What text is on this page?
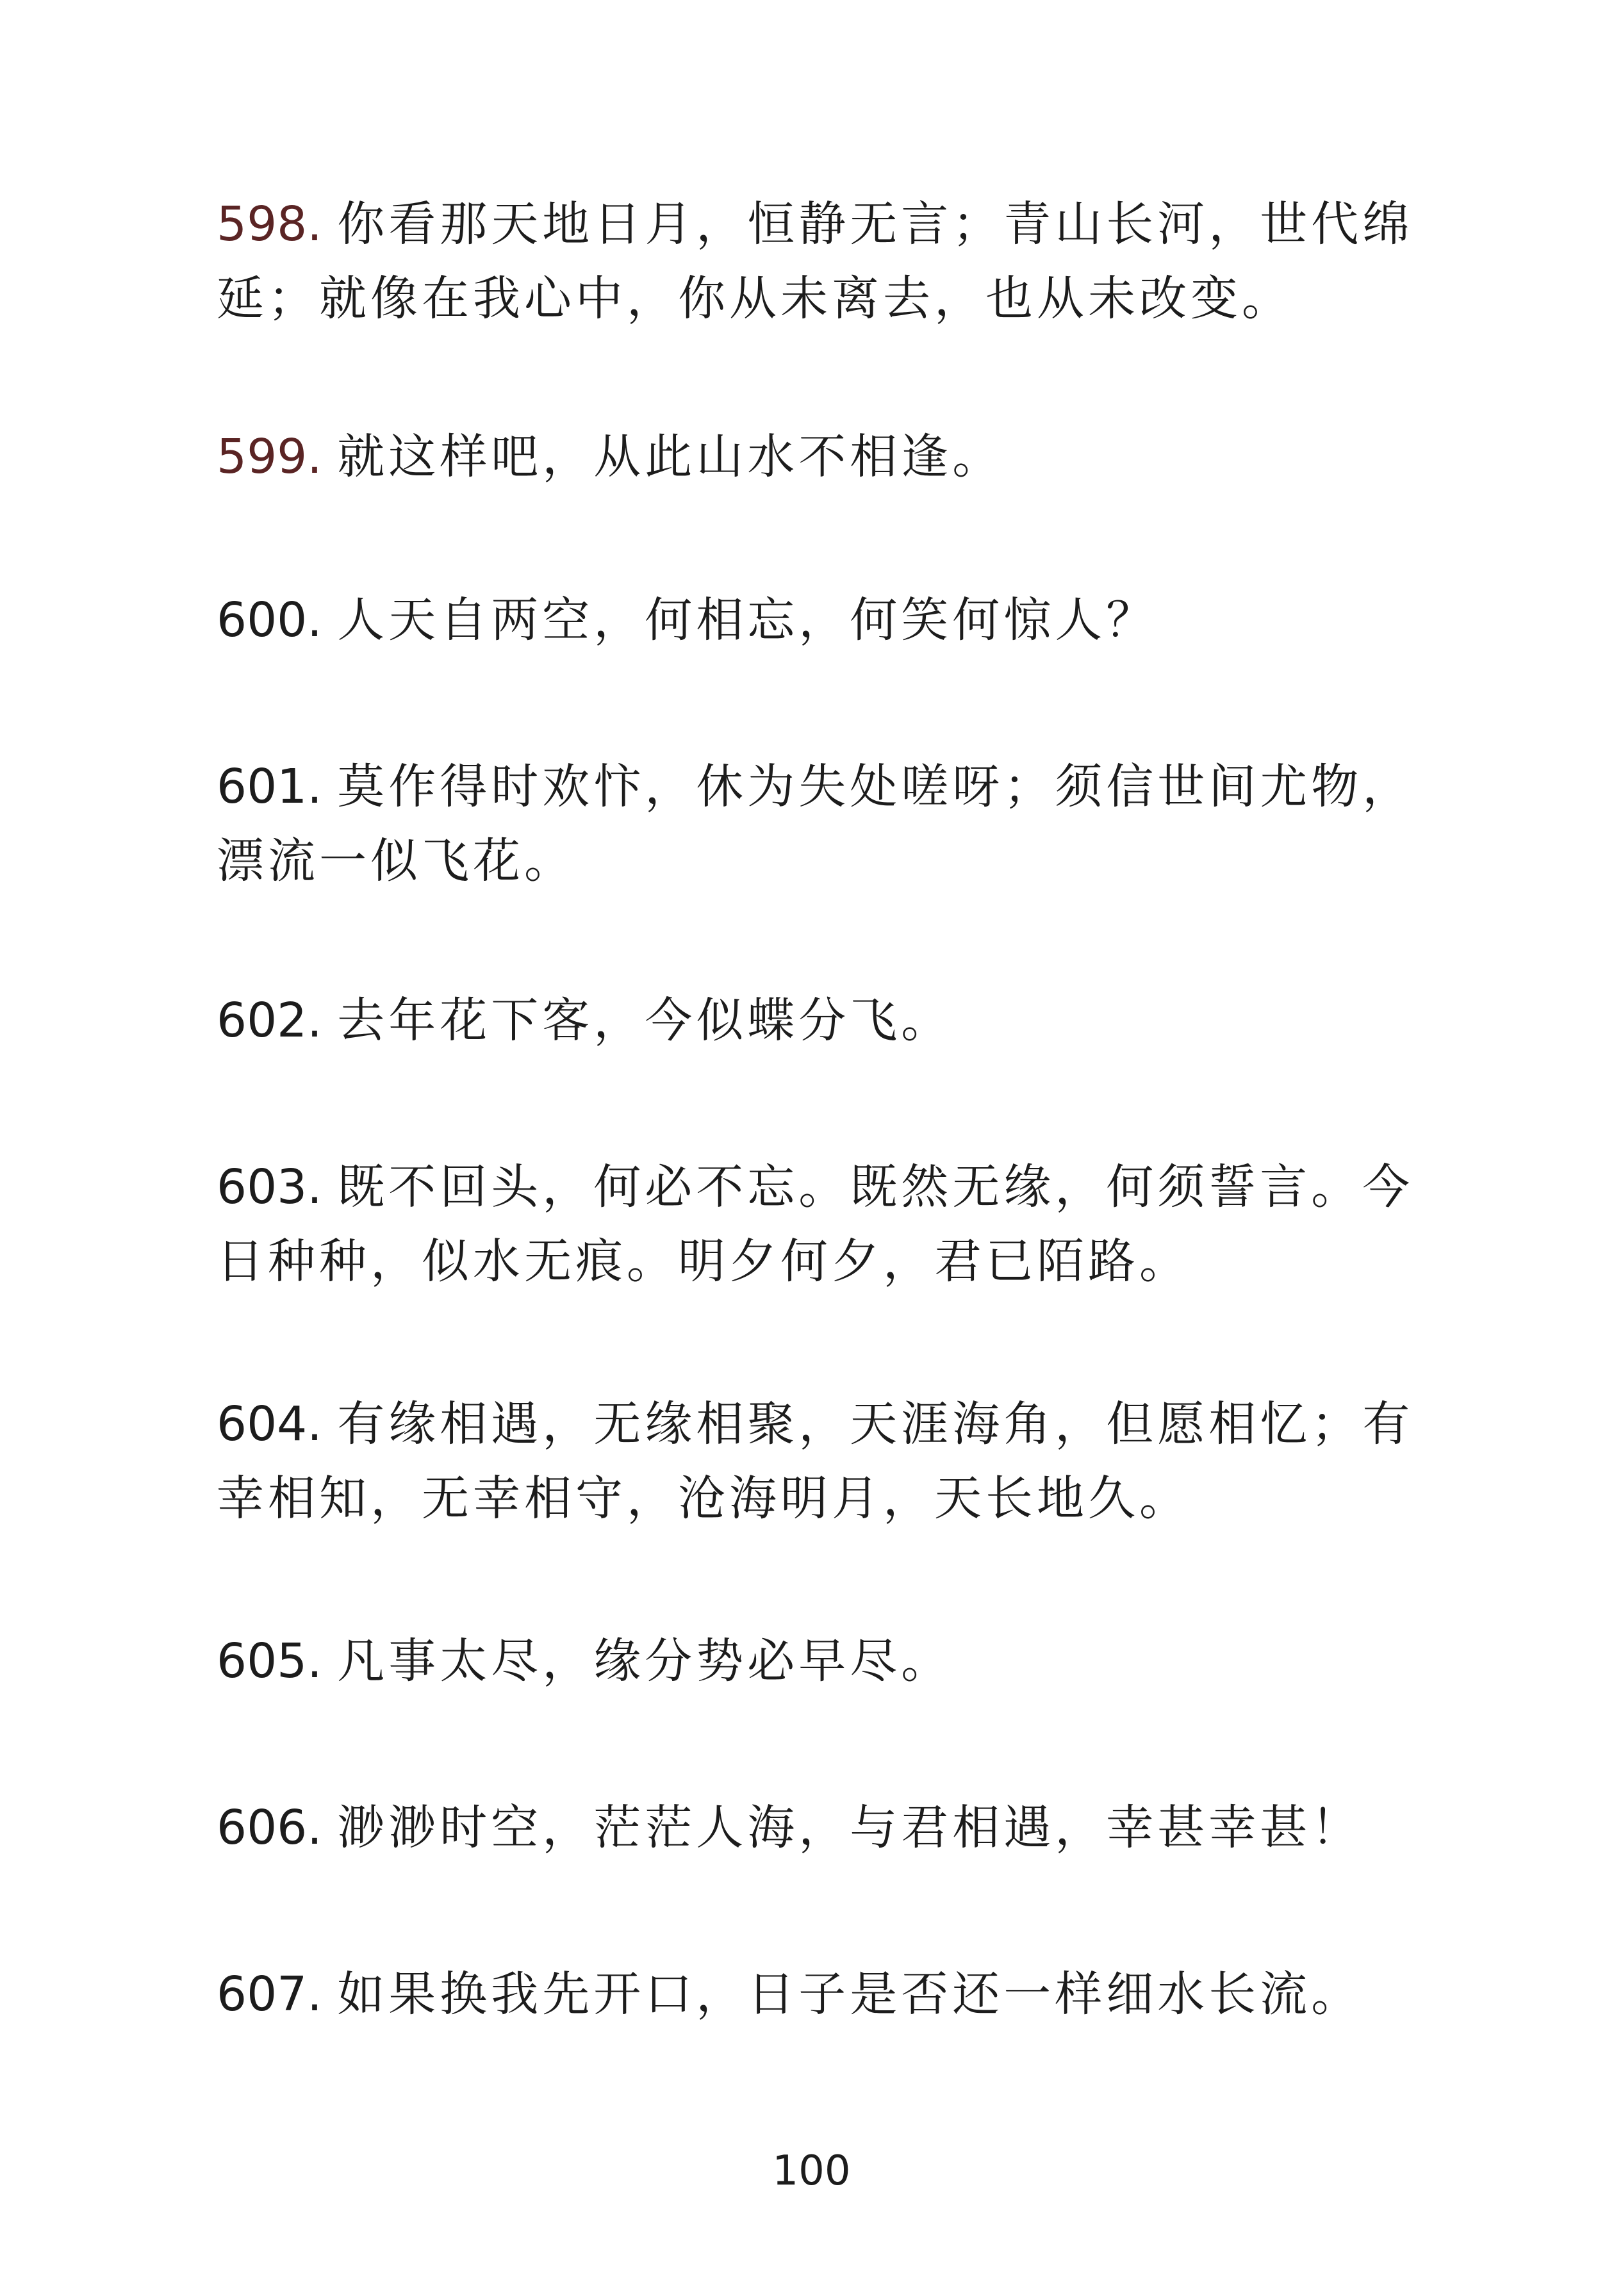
598. 你看那天地日月，恒静无言；青山长河，世代绵延；就像在我心中，你从未离去，也从未改变。
599. 就这样吧，从此山水不相逢。
600. 人天自两空，何相忘，何笑何惊人？
601. 莫作得时欢忭，休为失处嗟呀；须信世间尤物，漂流一似飞花。
602. 去年花下客，今似蝶分飞。
603. 既不回头，何必不忘。既然无缘，何须誓言。今日种种，似水无痕。明夕何夕，君已陌路。
604. 有缘相遇，无缘相聚，天涯海角，但愿相忆；有幸相知，无幸相守，沧海明月，天长地久。
605. 凡事太尽，缘分势必早尽。
606. 渺渺时空，茫茫人海，与君相遇，幸甚幸甚！
607. 如果换我先开口，日子是否还一样细水长流。
100
